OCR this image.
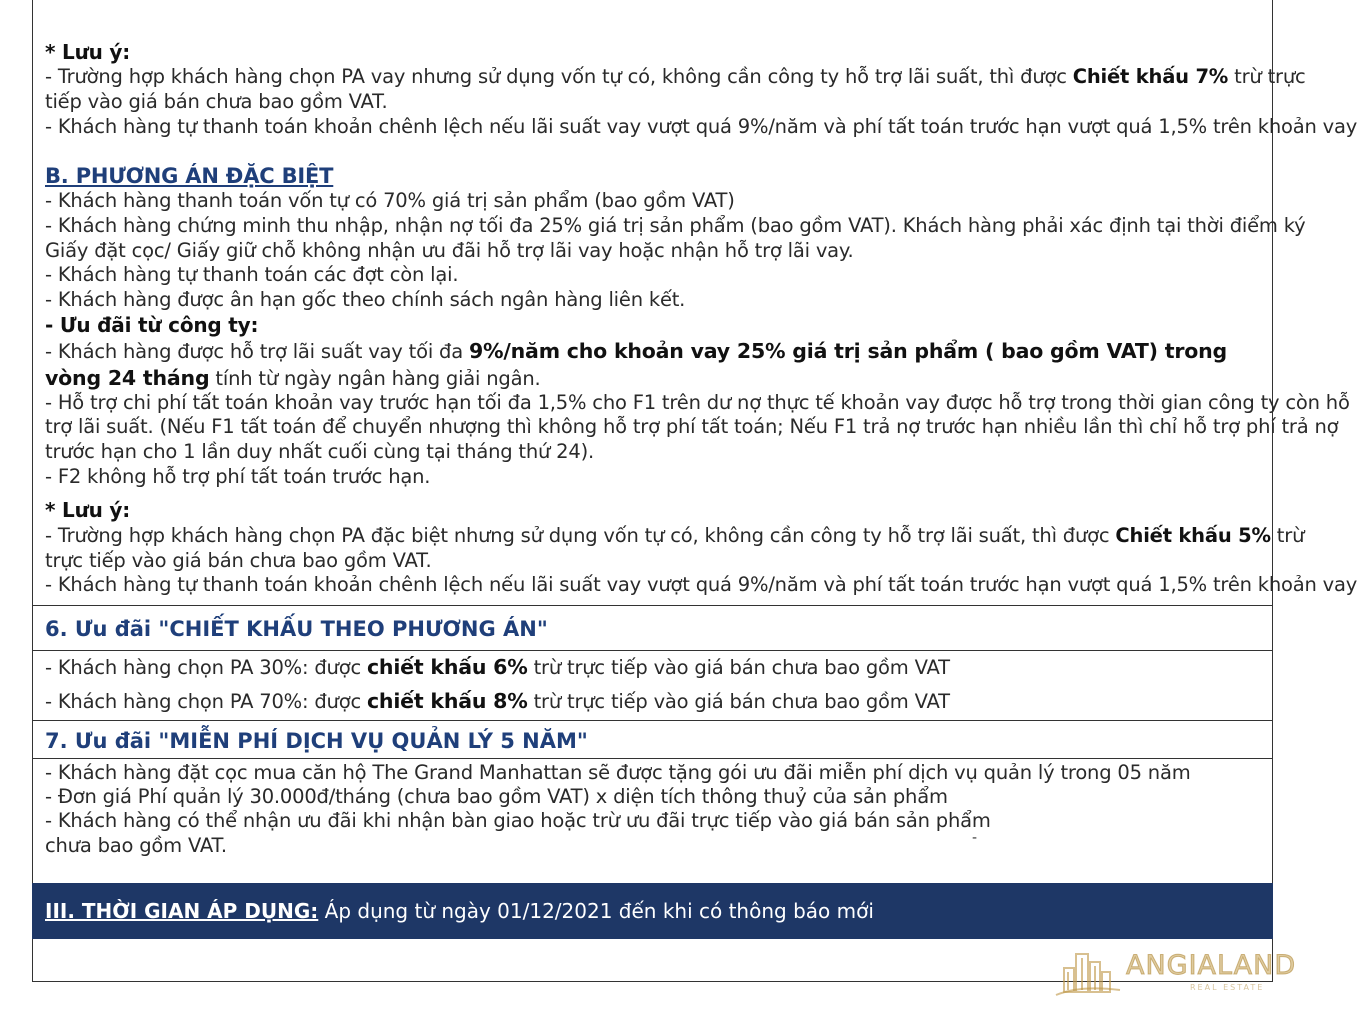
* Lưu ý:
- Trường hợp khách hàng chọn PA vay nhưng sử dụng vốn tự có, không cần công ty hỗ trợ lãi suất, thì được Chiết khấu 7% trừ trực
tiếp vào giá bán chưa bao gồm VAT.
- Khách hàng tự thanh toán khoản chênh lệch nếu lãi suất vay vượt quá 9%/năm và phí tất toán trước hạn vượt quá 1,5% trên khoản vay
B. PHƯƠNG ÁN ĐẶC BIỆT
- Khách hàng thanh toán vốn tự có 70% giá trị sản phẩm (bao gồm VAT)
- Khách hàng chứng minh thu nhập, nhận nợ tối đa 25% giá trị sản phẩm (bao gồm VAT). Khách hàng phải xác định tại thời điểm ký
Giấy đặt cọc/ Giấy giữ chỗ không nhận ưu đãi hỗ trợ lãi vay hoặc nhận hỗ trợ lãi vay.
- Khách hàng tự thanh toán các đợt còn lại.
- Khách hàng được ân hạn gốc theo chính sách ngân hàng liên kết.
- Ưu đãi từ công ty:
- Khách hàng được hỗ trợ lãi suất vay tối đa 9%/năm cho khoản vay 25% giá trị sản phẩm ( bao gồm VAT) trong
vòng 24 tháng tính từ ngày ngân hàng giải ngân.
- Hỗ trợ chi phí tất toán khoản vay trước hạn tối đa 1,5% cho F1 trên dư nợ thực tế khoản vay được hỗ trợ trong thời gian công ty còn hỗ
trợ lãi suất. (Nếu F1 tất toán để chuyển nhượng thì không hỗ trợ phí tất toán; Nếu F1 trả nợ trước hạn nhiều lần thì chỉ hỗ trợ phí trả nợ
trước hạn cho 1 lần duy nhất cuối cùng tại tháng thứ 24).
- F2 không hỗ trợ phí tất toán trước hạn.
* Lưu ý:
- Trường hợp khách hàng chọn PA đặc biệt nhưng sử dụng vốn tự có, không cần công ty hỗ trợ lãi suất, thì được Chiết khấu 5% trừ
trực tiếp vào giá bán chưa bao gồm VAT.
- Khách hàng tự thanh toán khoản chênh lệch nếu lãi suất vay vượt quá 9%/năm và phí tất toán trước hạn vượt quá 1,5% trên khoản vay
6. Ưu đãi "CHIẾT KHẤU THEO PHƯƠNG ÁN"
- Khách hàng chọn PA 30%: được chiết khấu 6% trừ trực tiếp vào giá bán chưa bao gồm VAT
- Khách hàng chọn PA 70%: được chiết khấu 8% trừ trực tiếp vào giá bán chưa bao gồm VAT
7. Ưu đãi "MIỄN PHÍ DỊCH VỤ QUẢN LÝ 5 NĂM"
- Khách hàng đặt cọc mua căn hộ The Grand Manhattan sẽ được tặng gói ưu đãi miễn phí dịch vụ quản lý trong 05 năm
- Đơn giá Phí quản lý 30.000đ/tháng (chưa bao gồm VAT) x diện tích thông thuỷ của sản phẩm
- Khách hàng có thể nhận ưu đãi khi nhận bàn giao hoặc trừ ưu đãi trực tiếp vào giá bán sản phẩm
chưa bao gồm VAT.	-
III. THỜI GIAN ÁP DỤNG: Áp dụng từ ngày 01/12/2021 đến khi có thông báo mới
ANGIALAND
REAL ESTATE
